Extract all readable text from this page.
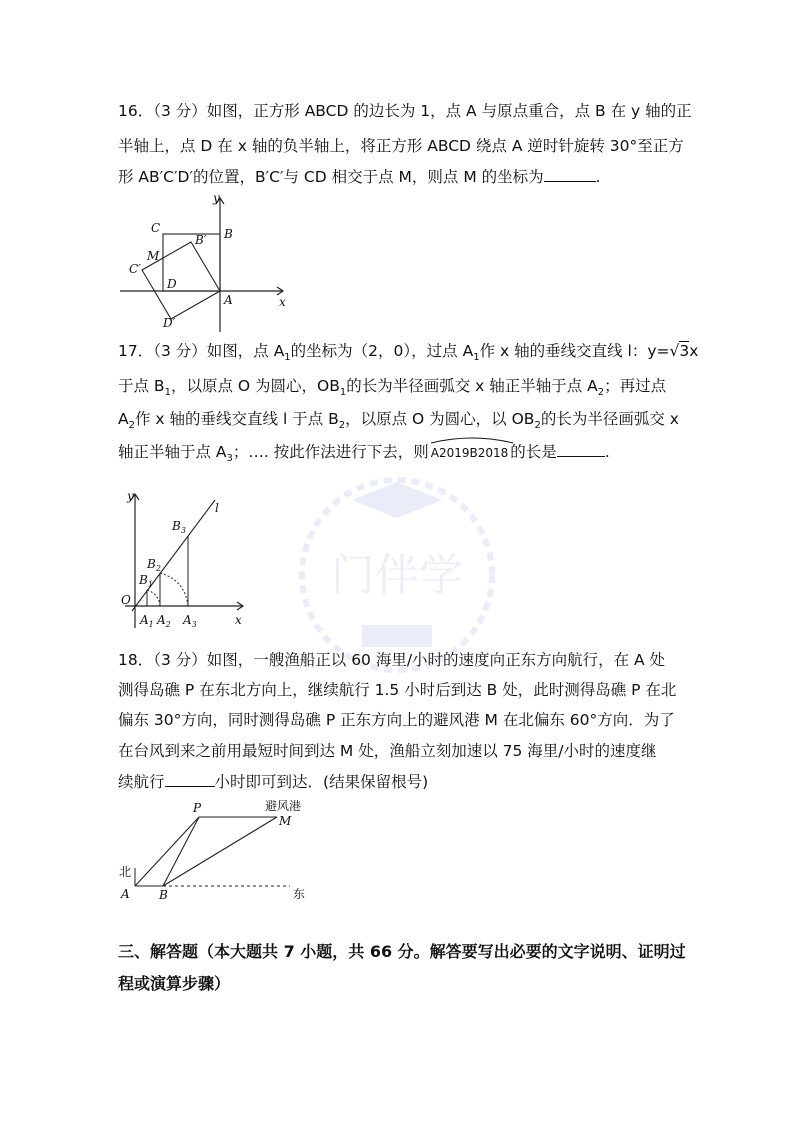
门伴学
16．（3 分）如图，正方形 ABCD 的边长为 1，点 A 与原点重合，点 B 在 y 轴的正
半轴上，点 D 在 x 轴的负半轴上，将正方形 ABCD 绕点 A 逆时针旋转 30°至正方
形 AB′C′D′的位置，B′C′与 CD 相交于点 M，则点 M 的坐标为	.
y
x
B
C
B′
M
C′
D
A
D′
17．（3 分）如图，点 $A_1$的坐标为（2，0），过点 $A_1$作 x 轴的垂线交直线 l：y=√3x
于点 $B_1$，以原点 O 为圆心，$OB_1$的长为半径画弧交 x 轴正半轴于点 $A_2$；再过点
$A_2$作 x 轴的垂线交直线 l 于点 $B_2$，以原点 O 为圆心，以 $OB_2$的长为半径画弧交 x
轴正半轴于点 $A_3$；…. 按此作法进行下去，则 A2019B2018 的长是	.
y
l
$B_3$
$B_2$
$B_1$
O
$A_1$ $A_2$ $A_3$	x
18．（3 分）如图，一艘渔船正以 60 海里/小时的速度向正东方向航行，在 A 处
测得岛礁 P 在东北方向上，继续航行 1.5 小时后到达 B 处，此时测得岛礁 P 在北
偏东 30°方向，同时测得岛礁 P 正东方向上的避风港 M 在北偏东 60°方向．为了
在台风到来之前用最短时间到达 M 处，渔船立刻加速以 75 海里/小时的速度继
续航行	小时即可到达．(结果保留根号)
P	避风港
M
北
A B	东
三、解答题（本大题共 7 小题，共 66 分。解答要写出必要的文字说明、证明过
程或演算步骤）
